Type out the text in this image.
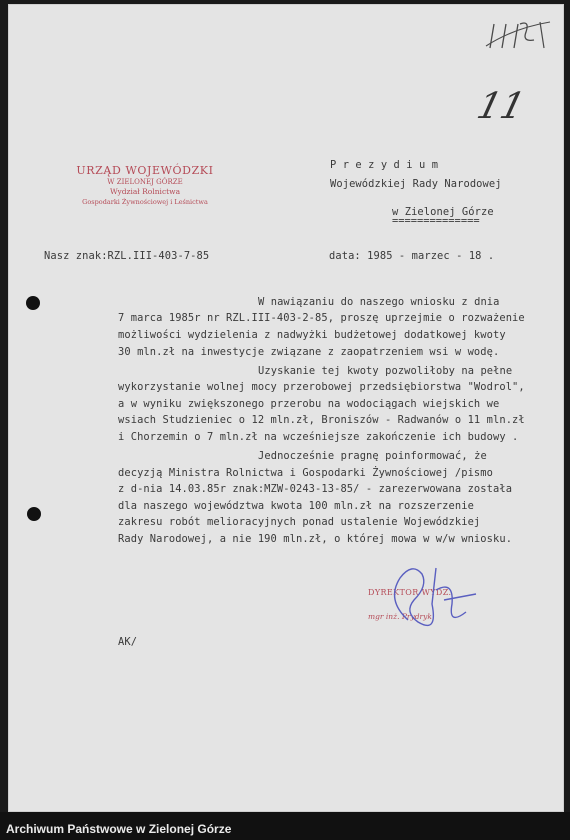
11
URZĄD WOJEWÓDZKI
W ZIELONEJ GÓRZE
Wydział Rolnictwa
Gospodarki Żywnościowej i Leśnictwa
P r e z y d i u m
Wojewódzkiej Rady Narodowej
w Zielonej Górze
==============
Nasz znak:RZL.III-403-7-85	data: 1985 - marzec - 18 .
W nawiązaniu do naszego wniosku z dnia
7 marca 1985r nr RZL.III-403-2-85, proszę uprzejmie o rozważenie
możliwości wydzielenia z nadwyżki budżetowej dodatkowej kwoty
30 mln.zł na inwestycje związane z zaopatrzeniem wsi w wodę.
Uzyskanie tej kwoty pozwoliłoby na pełne
wykorzystanie wolnej mocy przerobowej przedsiębiorstwa "Wodrol",
a w wyniku zwiększonego przerobu na wodociągach wiejskich we
wsiach Studzieniec o 12 mln.zł, Broniszów - Radwanów o 11 mln.zł
i Chorzemin o 7 mln.zł na wcześniejsze zakończenie ich budowy .
Jednocześnie pragnę poinformować, że
decyzją Ministra Rolnictwa i Gospodarki Żywnościowej /pismo
z d-nia 14.03.85r znak:MZW-0243-13-85/ - zarezerwowana została
dla naszego województwa kwota 100 mln.zł na rozszerzenie
zakresu robót melioracyjnych ponad ustalenie Wojewódzkiej
Rady Narodowej, a nie 190 mln.zł, o której mowa w w/w wniosku.
DYREKTOR WYDZ.
mgr inż. Prydryk
AK/
Archiwum Państwowe w Zielonej Górze
